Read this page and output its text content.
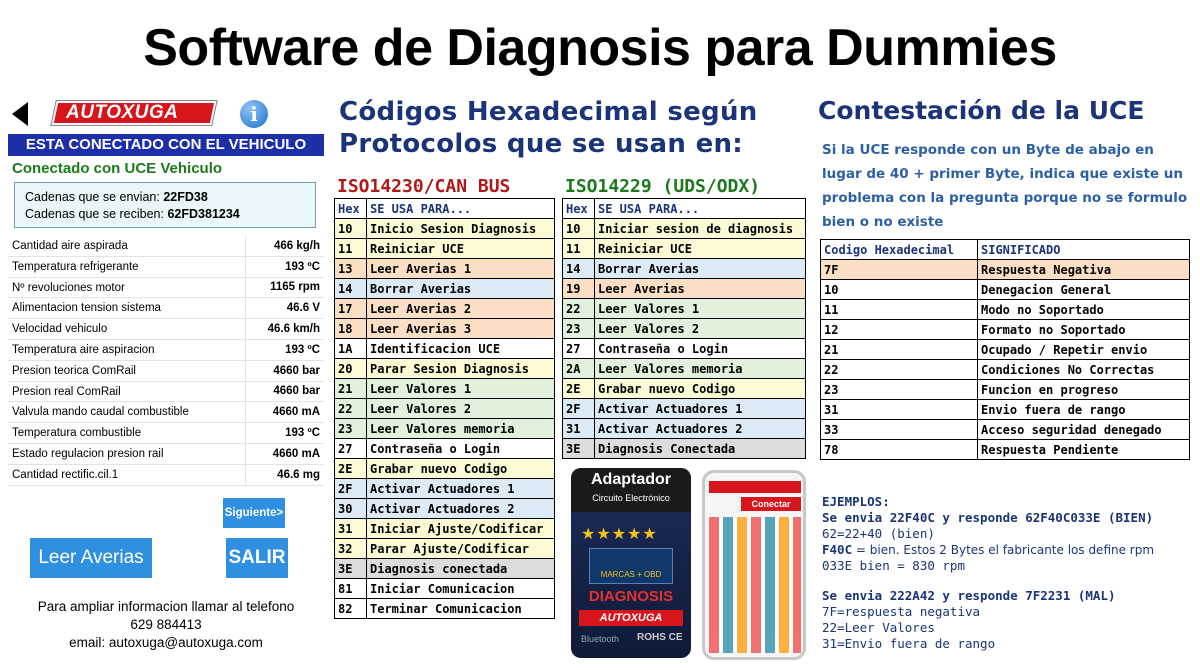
Software de Diagnosis para Dummies
AUTOXUGA	i
ESTA CONECTADO CON EL VEHICULO
Conectado con UCE Vehiculo
Cadenas que se envian: 22FD38
Cadenas que se reciben: 62FD381234
Cantidad aire aspirada	466 kg/h
Temperatura refrigerante	193 ºC
Nº revoluciones motor	1165 rpm
Alimentacion tension sistema	46.6 V
Velocidad vehiculo	46.6 km/h
Temperatura aire aspiracion	193 ºC
Presion teorica ComRail	4660 bar
Presion real ComRail	4660 bar
Valvula mando caudal combustible	4660 mA
Temperatura combustible	193 ºC
Estado regulacion presion rail	4660 mA
Cantidad rectific.cil.1	46.6 mg
Siguiente>
Leer Averias	SALIR
Para ampliar informacion llamar al telefono
629 884413
email: autoxuga@autoxuga.com
Códigos Hexadecimal según
Protocolos que se usan en:
ISO14230/CAN BUS	ISO14229 (UDS/ODX)
Hex	SE USA PARA...
10	Inicio Sesion Diagnosis
11	Reiniciar UCE
13	Leer Averias 1
14	Borrar Averias
17	Leer Averias 2
18	Leer Averias 3
1A	Identificacion UCE
20	Parar Sesion Diagnosis
21	Leer Valores 1
22	Leer Valores 2
23	Leer Valores memoria
27	Contraseña o Login
2E	Grabar nuevo Codigo
2F	Activar Actuadores 1
30	Activar Actuadores 2
31	Iniciar Ajuste/Codificar
32	Parar Ajuste/Codificar
3E	Diagnosis conectada
81	Iniciar Comunicacion
82	Terminar Comunicacion
Hex	SE USA PARA...
10	Iniciar sesion de diagnosis
11	Reiniciar UCE
14	Borrar Averias
19	Leer Averias
22	Leer Valores 1
23	Leer Valores 2
27	Contraseña o Login
2A	Leer Valores memoria
2E	Grabar nuevo Codigo
2F	Activar Actuadores 1
31	Activar Actuadores 2
3E	Diagnosis Conectada
Adaptador
Circuito Electrónico
★★★★★
MARCAS + OBD
DIAGNOSIS
AUTOXUGA
Bluetooth ROHS CE
Conectar
Contestación de la UCE
Si la UCE responde con un Byte de abajo en lugar de 40 + primer Byte, indica que existe un problema con la pregunta porque no se formulo bien o no existe
Codigo Hexadecimal	SIGNIFICADO
7F	Respuesta Negativa
10	Denegacion General
11	Modo no Soportado
12	Formato no Soportado
21	Ocupado / Repetir envio
22	Condiciones No Correctas
23	Funcion en progreso
31	Envio fuera de rango
33	Acceso seguridad denegado
78	Respuesta Pendiente
EJEMPLOS:
Se envia 22F40C y responde 62F40C033E (BIEN)
62=22+40 (bien)
F40C = bien. Estos 2 Bytes el fabricante los define rpm
033E bien = 830 rpm
Se envia 222A42 y responde 7F2231 (MAL)
7F=respuesta negativa
22=Leer Valores
31=Envio fuera de rango
